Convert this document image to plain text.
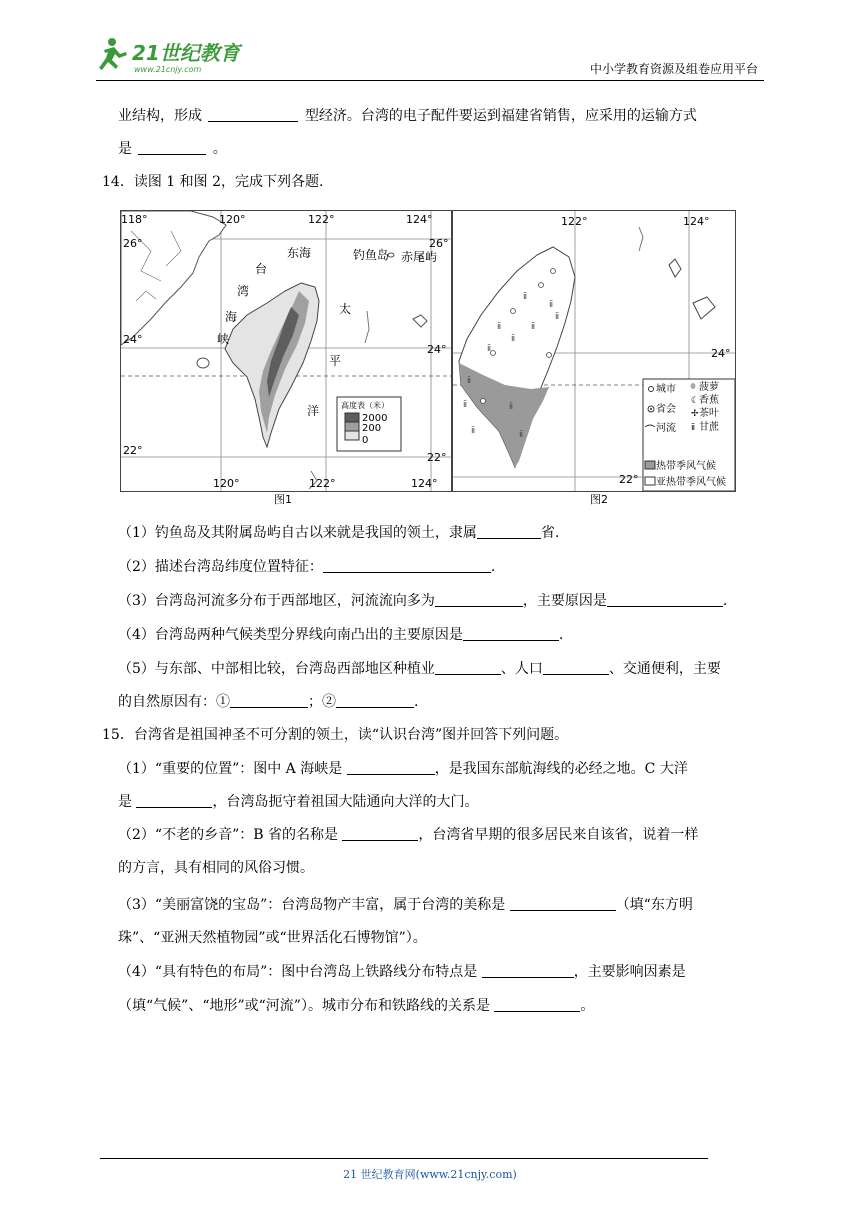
21世纪教育
www.21cnjy.com	中小学教育资源及组卷应用平台
业结构，形成	型经济。台湾的电子配件要运到福建省销售，应采用的运输方式
是	。
14．读图 1 和图 2，完成下列各题.
118°	120°	122°	124°
26°
24°
22°
26°
24°
22°
120°	122°	124°
东海	钓鱼岛 赤尾屿
台
湾
海
峡
太
平
洋	高度表（米）
2000
200
0
图1
ⅱ
ⅱ
ⅱ
ⅱ
ⅱ
ⅱ
ⅱ
ⅱ
ⅱ
ⅱ
ⅱ
ⅱ
122°	124°
24°
22°
城市
省会
河流
菠萝
☾ 香蕉
✢ 茶叶
ⅱ 甘蔗
热带季风气候
亚热带季风气候
图2
（1）钓鱼岛及其附属岛屿自古以来就是我国的领土，隶属	省.
（2）描述台湾岛纬度位置特征：	.
（3）台湾岛河流多分布于西部地区，河流流向多为	，主要原因是	.
（4）台湾岛两种气候类型分界线向南凸出的主要原因是	.
（5）与东部、中部相比较，台湾岛西部地区种植业	、人口	、交通便利，主要
的自然原因有：①	；②	.
15．台湾省是祖国神圣不可分割的领土，读“认识台湾”图并回答下列问题。
（1）“重要的位置”：图中 A 海峡是	，是我国东部航海线的必经之地。C 大洋
是	，台湾岛扼守着祖国大陆通向大洋的大门。
（2）“不老的乡音”：B 省的名称是	，台湾省早期的很多居民来自该省，说着一样
的方言，具有相同的风俗习惯。
（3）“美丽富饶的宝岛”：台湾岛物产丰富，属于台湾的美称是	（填“东方明
珠”、“亚洲天然植物园”或“世界活化石博物馆”）。
（4）“具有特色的布局”：图中台湾岛上铁路线分布特点是	，主要影响因素是
（填“气候”、“地形”或“河流”）。城市分布和铁路线的关系是	。
21 世纪教育网(www.21cnjy.com)
